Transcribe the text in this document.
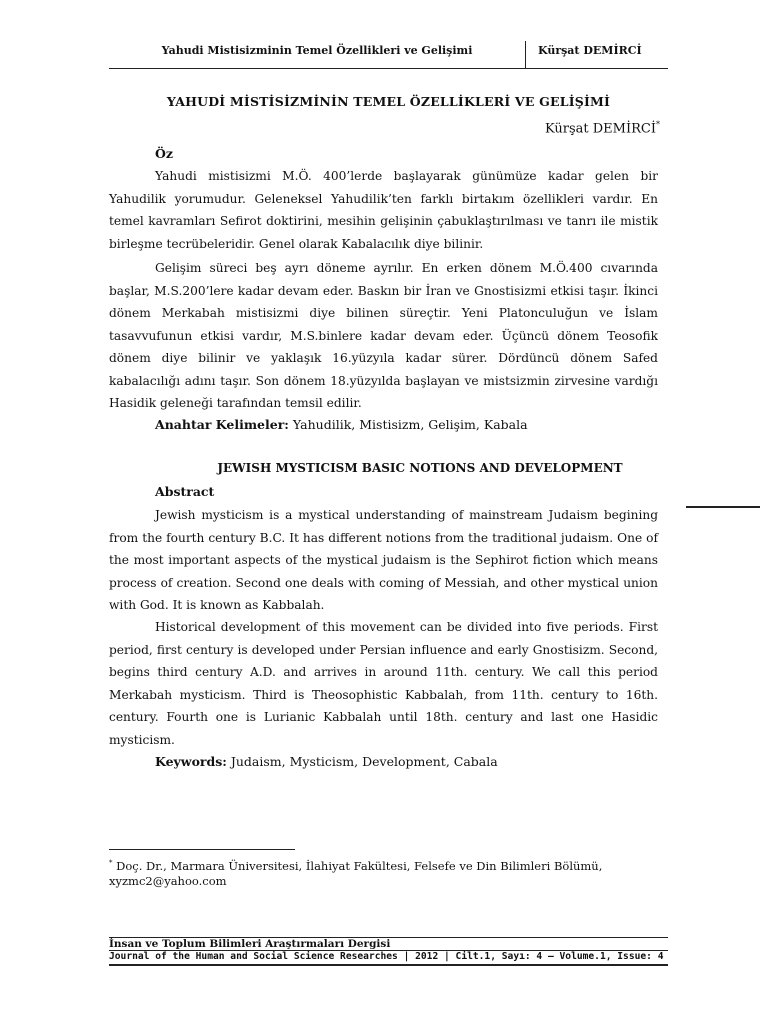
Yahudi Mistisizminin Temel Özellikleri ve Gelişimi	Kürşat DEMİRCİ
YAHUDİ MİSTİSİZMİNİN TEMEL ÖZELLİKLERİ VE GELİŞİMİ
Kürşat DEMİRCİ*
Öz

Yahudi mistisizmi M.Ö. 400’lerde başlayarak günümüze kadar gelen bir Yahudilik yorumudur. Geleneksel Yahudilik’ten farklı birtakım özellikleri vardır. En temel kavramları Sefirot doktirini, mesihin gelişinin çabuklaştırılması ve tanrı ile mistik birleşme tecrübeleridir. Genel olarak Kabalacılık diye bilinir.

Gelişim süreci beş ayrı döneme ayrılır. En erken dönem M.Ö.400 cıvarında başlar, M.S.200’lere kadar devam eder. Baskın bir İran ve Gnostisizmi etkisi taşır. İkinci dönem Merkabah mistisizmi diye bilinen süreçtir. Yeni Platonculuğun ve İslam tasavvufunun etkisi vardır, M.S.binlere kadar devam eder. Üçüncü dönem Teosofik dönem diye bilinir ve yaklaşık 16.yüzyıla kadar sürer. Dördüncü dönem Safed kabalacılığı adını taşır. Son dönem 18.yüzyılda başlayan ve mistsizmin zirvesine vardığı Hasidik geleneği tarafından temsil edilir.

Anahtar Kelimeler: Yahudilik, Mistisizm, Gelişim, Kabala
JEWISH MYSTICISM BASIC NOTIONS AND DEVELOPMENT
Abstract

Jewish mysticism is a mystical understanding of mainstream Judaism begining from the fourth century B.C. It has different notions from the traditional judaism. One of the most important aspects of the mystical judaism is the Sephirot fiction which means process of creation. Second one deals with coming of Messiah, and other mystical union with God. It is known as Kabbalah.

Historical development of this movement can be divided into five periods. First period, first century is developed under Persian influence and early Gnostisizm. Second, begins third century A.D. and arrives in around 11th. century. We call this period Merkabah mysticism. Third is Theosophistic Kabbalah, from 11th. century to 16th. century. Fourth one is Lurianic Kabbalah until 18th. century and last one Hasidic mysticism.

Keywords: Judaism, Mysticism, Development, Cabala
* Doç. Dr., Marmara Üniversitesi, İlahiyat Fakültesi, Felsefe ve Din Bilimleri Bölümü, xyzmc2@yahoo.com
İnsan ve Toplum Bilimleri Araştırmaları Dergisi
Journal of the Human and Social Science Researches | 2012 | Cilt.1, Sayı: 4 – Volume.1, Issue: 4
